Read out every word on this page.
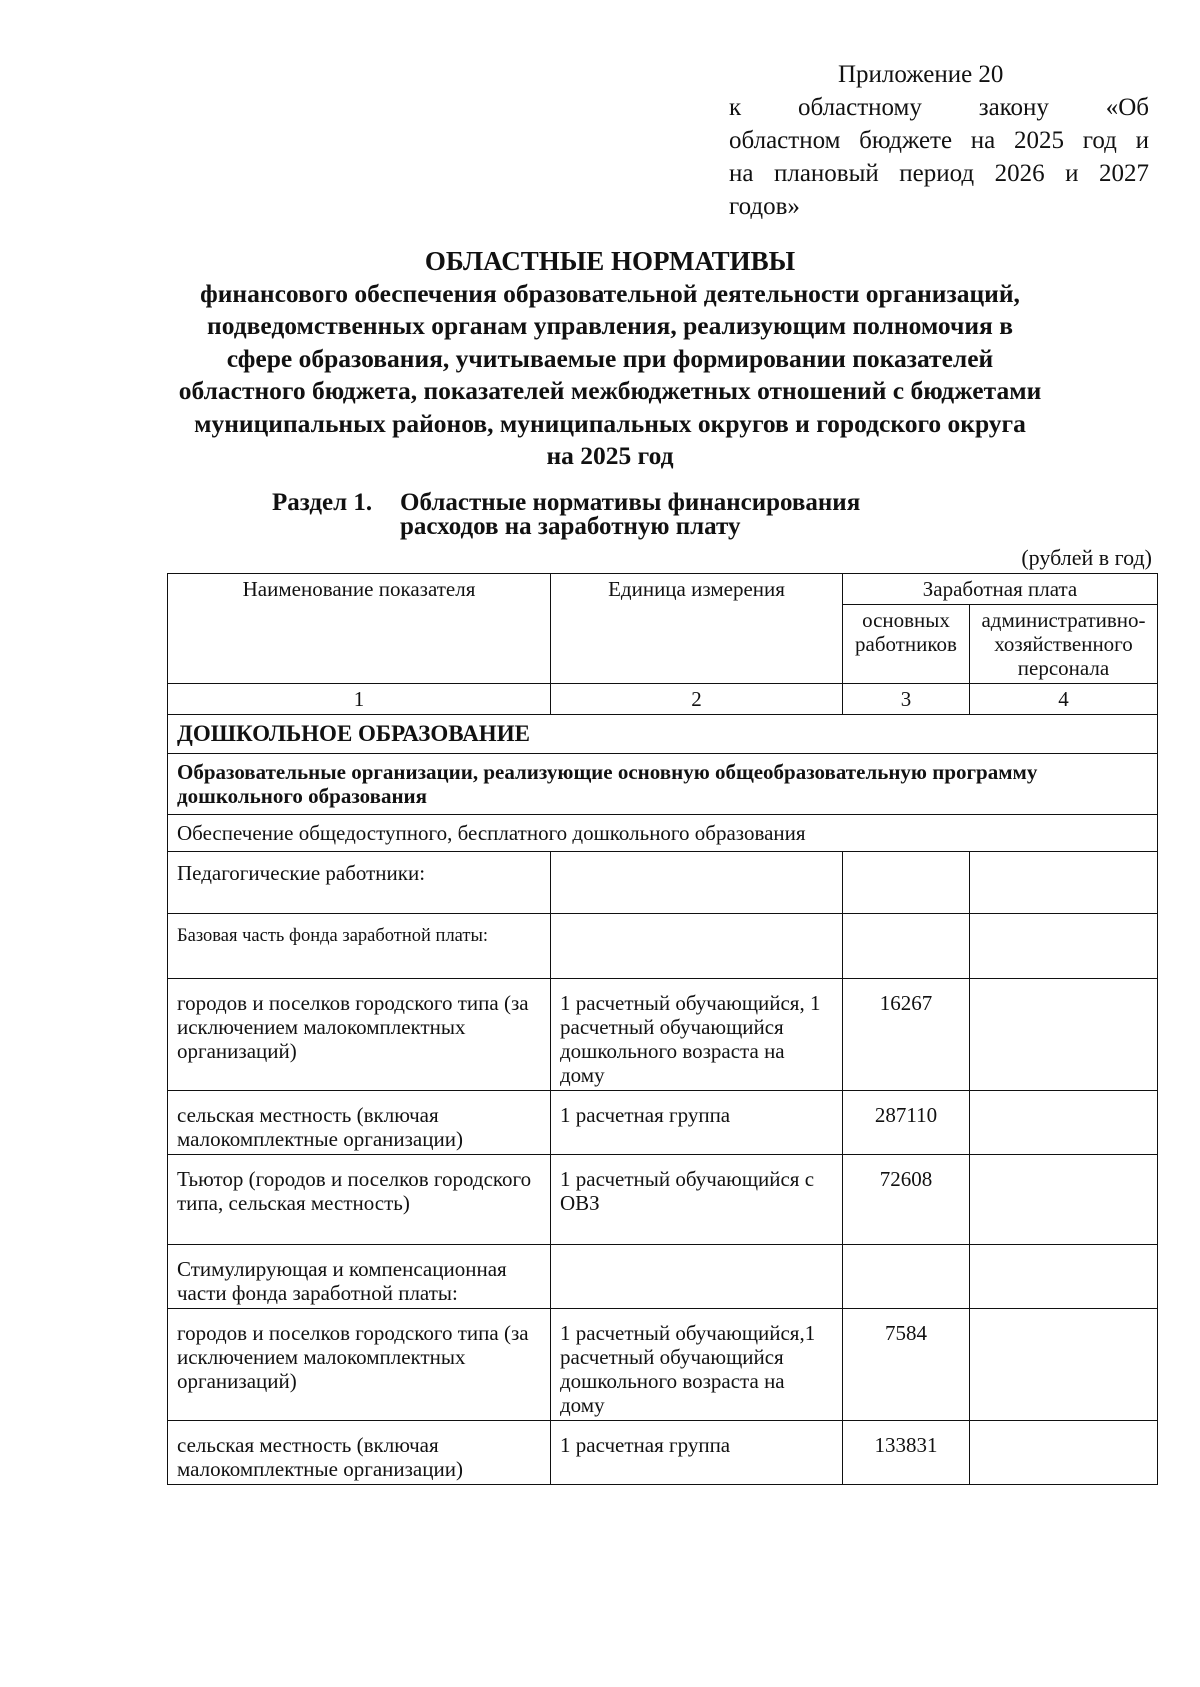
Приложение 20
к областному закону «Об
областном бюджете на 2025 год и
на плановый период 2026 и 2027
годов»
ОБЛАСТНЫЕ НОРМАТИВЫ
финансового обеспечения образовательной деятельности организаций,
подведомственных органам управления, реализующим полномочия в
сфере образования, учитываемые при формировании показателей
областного бюджета, показателей межбюджетных отношений с бюджетами
муниципальных районов, муниципальных округов и городского округа
на 2025 год
Раздел 1. Областные нормативы финансирования
расходов на заработную плату
(рублей в год)
Наименование показателя	Единица измерения	Заработная плата	
		основных работников	административно-хозяйственного персонала
1	2	3	4
ДОШКОЛЬНОЕ ОБРАЗОВАНИЕ			
Образовательные организации, реализующие основную общеобразовательную программу дошкольного образования			
Обеспечение общедоступного, бесплатного дошкольного образования			
Педагогические работники:			
Базовая часть фонда заработной платы:			
городов и поселков городского типа (за исключением малокомплектных организаций)	1 расчетный обучающийся, 1 расчетный обучающийся дошкольного возраста на дому	16267	
сельская местность (включая малокомплектные организации)	1 расчетная группа	287110	
Тьютор (городов и поселков городского типа, сельская местность)	1 расчетный обучающийся с ОВЗ	72608	
Стимулирующая и компенсационная части фонда заработной платы:			
городов и поселков городского типа (за исключением малокомплектных организаций)	1 расчетный обучающийся,1 расчетный обучающийся дошкольного возраста на дому	7584	
сельская местность (включая малокомплектные организации)	1 расчетная группа	133831	
